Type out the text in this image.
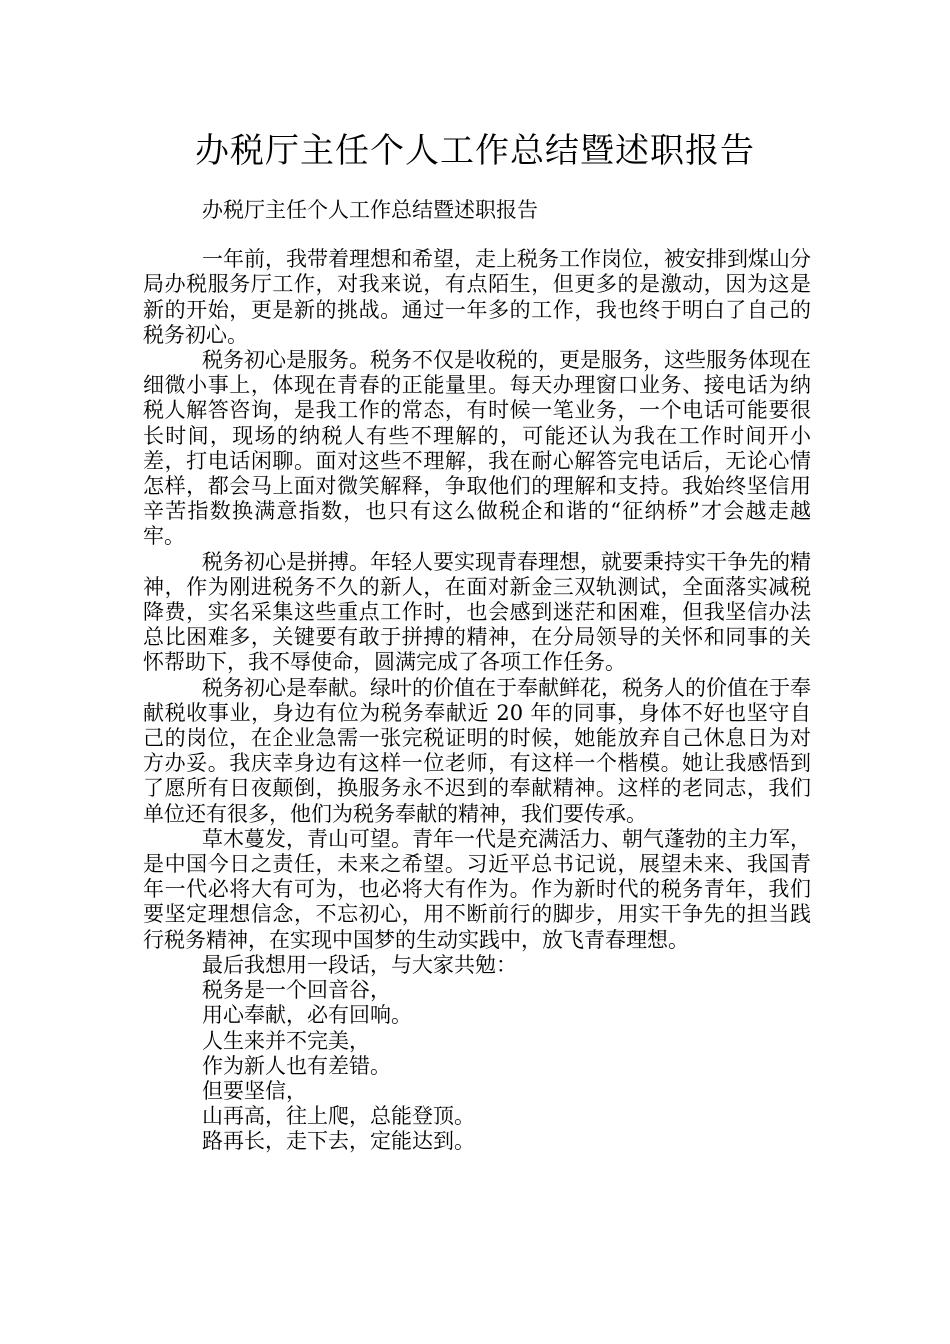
办税厅主任个人工作总结暨述职报告

办税厅主任个人工作总结暨述职报告

一年前，我带着理想和希望，走上税务工作岗位，被安排到煤山分局办税服务厅工作，对我来说，有点陌生，但更多的是激动，因为这是新的开始，更是新的挑战。通过一年多的工作，我也终于明白了自己的税务初心。

税务初心是服务。税务不仅是收税的，更是服务，这些服务体现在细微小事上，体现在青春的正能量里。每天办理窗口业务、接电话为纳税人解答咨询，是我工作的常态，有时候一笔业务，一个电话可能要很长时间，现场的纳税人有些不理解的，可能还认为我在工作时间开小差，打电话闲聊。面对这些不理解，我在耐心解答完电话后，无论心情怎样，都会马上面对微笑解释，争取他们的理解和支持。我始终坚信用辛苦指数换满意指数，也只有这么做税企和谐的“征纳桥”才会越走越牢。

税务初心是拼搏。年轻人要实现青春理想，就要秉持实干争先的精神，作为刚进税务不久的新人，在面对新金三双轨测试，全面落实减税降费，实名采集这些重点工作时，也会感到迷茫和困难，但我坚信办法总比困难多，关键要有敢于拼搏的精神，在分局领导的关怀和同事的关怀帮助下，我不辱使命，圆满完成了各项工作任务。

税务初心是奉献。绿叶的价值在于奉献鲜花，税务人的价值在于奉献税收事业，身边有位为税务奉献近 20 年的同事，身体不好也坚守自己的岗位，在企业急需一张完税证明的时候，她能放弃自己休息日为对方办妥。我庆幸身边有这样一位老师，有这样一个楷模。她让我感悟到了愿所有日夜颠倒，换服务永不迟到的奉献精神。这样的老同志，我们单位还有很多，他们为税务奉献的精神，我们要传承。

草木蔓发，青山可望。青年一代是充满活力、朝气蓬勃的主力军，是中国今日之责任，未来之希望。习近平总书记说，展望未来、我国青年一代必将大有可为，也必将大有作为。作为新时代的税务青年，我们要坚定理想信念，不忘初心，用不断前行的脚步，用实干争先的担当践行税务精神，在实现中国梦的生动实践中，放飞青春理想。

最后我想用一段话，与大家共勉：

税务是一个回音谷，

用心奉献，必有回响。

人生来并不完美，

作为新人也有差错。

但要坚信，

山再高，往上爬，总能登顶。

路再长，走下去，定能达到。
